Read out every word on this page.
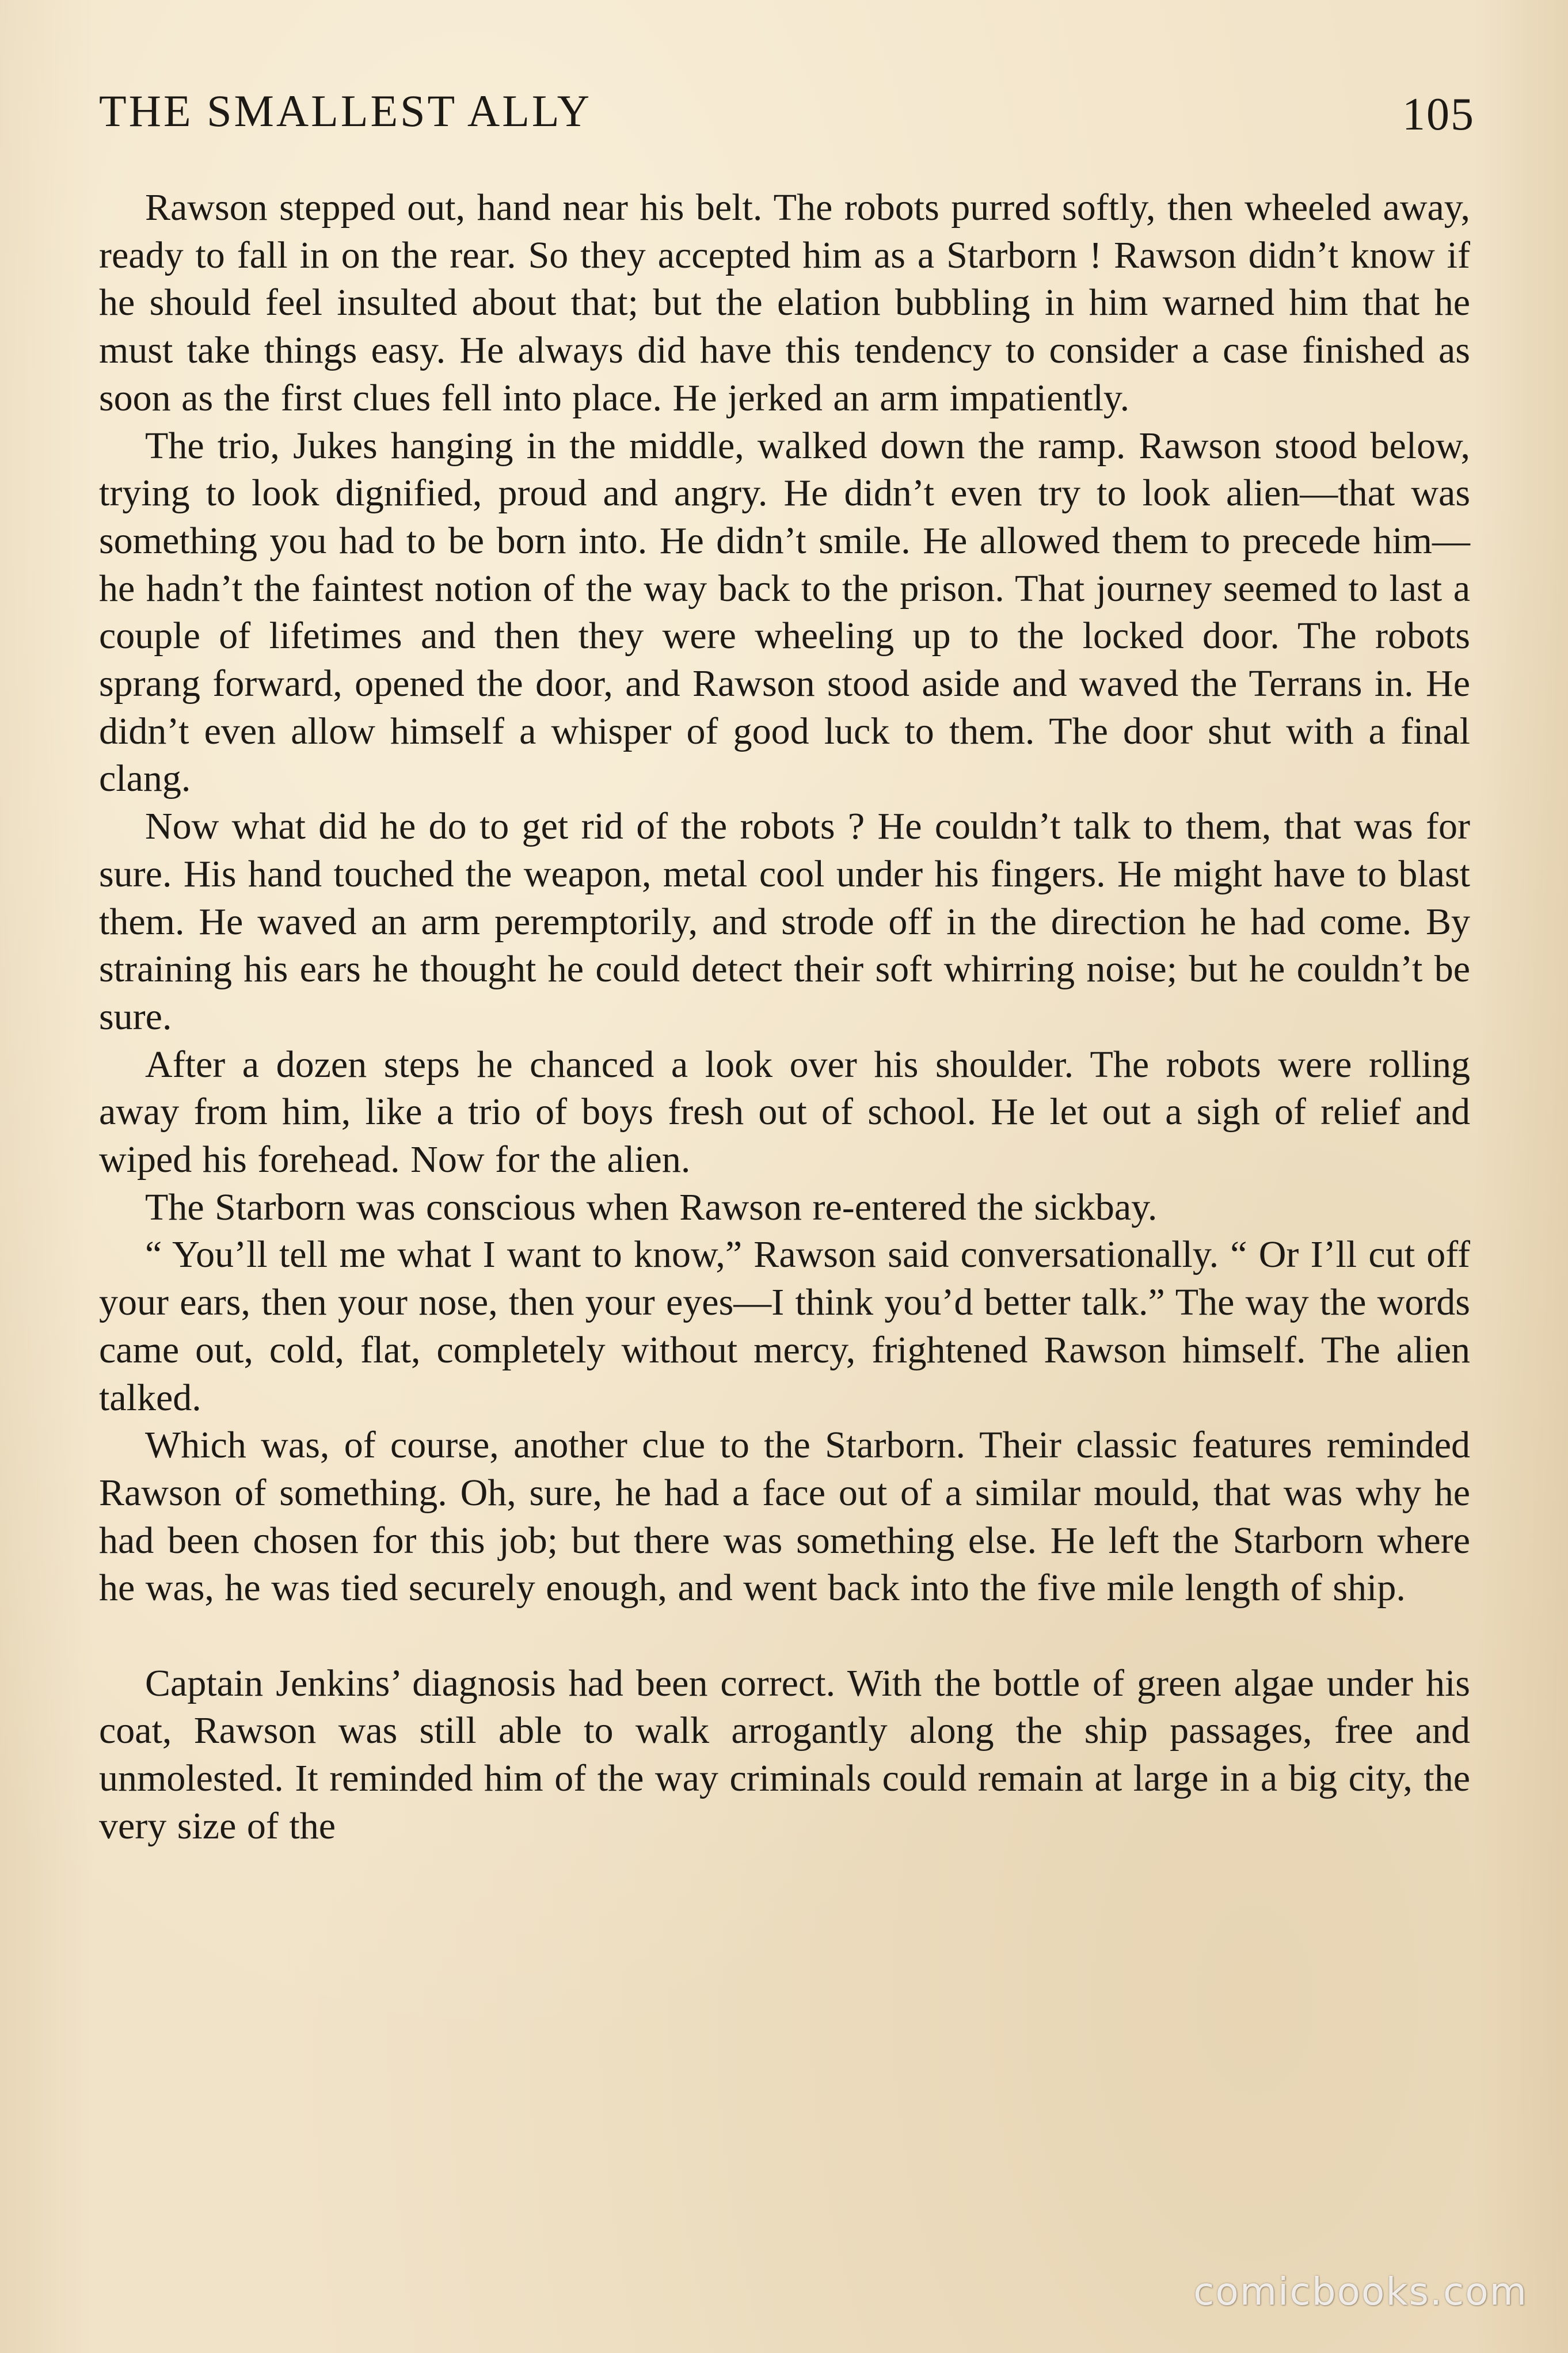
THE SMALLEST ALLY	105

Rawson stepped out, hand near his belt. The robots purred softly, then wheeled away, ready to fall in on the rear. So they accepted him as a Starborn ! Rawson didn’t know if he should feel insulted about that; but the elation bubbling in him warned him that he must take things easy. He always did have this tendency to consider a case finished as soon as the first clues fell into place. He jerked an arm impatiently.

The trio, Jukes hanging in the middle, walked down the ramp. Rawson stood below, trying to look dignified, proud and angry. He didn’t even try to look alien—that was something you had to be born into. He didn’t smile. He allowed them to precede him—he hadn’t the faintest notion of the way back to the prison. That journey seemed to last a couple of lifetimes and then they were wheeling up to the locked door. The robots sprang forward, opened the door, and Rawson stood aside and waved the Terrans in. He didn’t even allow himself a whisper of good luck to them. The door shut with a final clang.

Now what did he do to get rid of the robots ? He couldn’t talk to them, that was for sure. His hand touched the weapon, metal cool under his fingers. He might have to blast them. He waved an arm peremptorily, and strode off in the direction he had come. By straining his ears he thought he could detect their soft whirring noise; but he couldn’t be sure.

After a dozen steps he chanced a look over his shoulder. The robots were rolling away from him, like a trio of boys fresh out of school. He let out a sigh of relief and wiped his forehead. Now for the alien.

The Starborn was conscious when Rawson re-entered the sickbay.

“ You’ll tell me what I want to know,” Rawson said conversationally. “ Or I’ll cut off your ears, then your nose, then your eyes—I think you’d better talk.” The way the words came out, cold, flat, completely without mercy, frightened Rawson himself. The alien talked.

Which was, of course, another clue to the Starborn. Their classic features reminded Rawson of something. Oh, sure, he had a face out of a similar mould, that was why he had been chosen for this job; but there was something else. He left the Starborn where he was, he was tied securely enough, and went back into the five mile length of ship.

Captain Jenkins’ diagnosis had been correct. With the bottle of green algae under his coat, Rawson was still able to walk arrogantly along the ship passages, free and unmolested. It reminded him of the way criminals could remain at large in a big city, the very size of the

comicbooks.com
